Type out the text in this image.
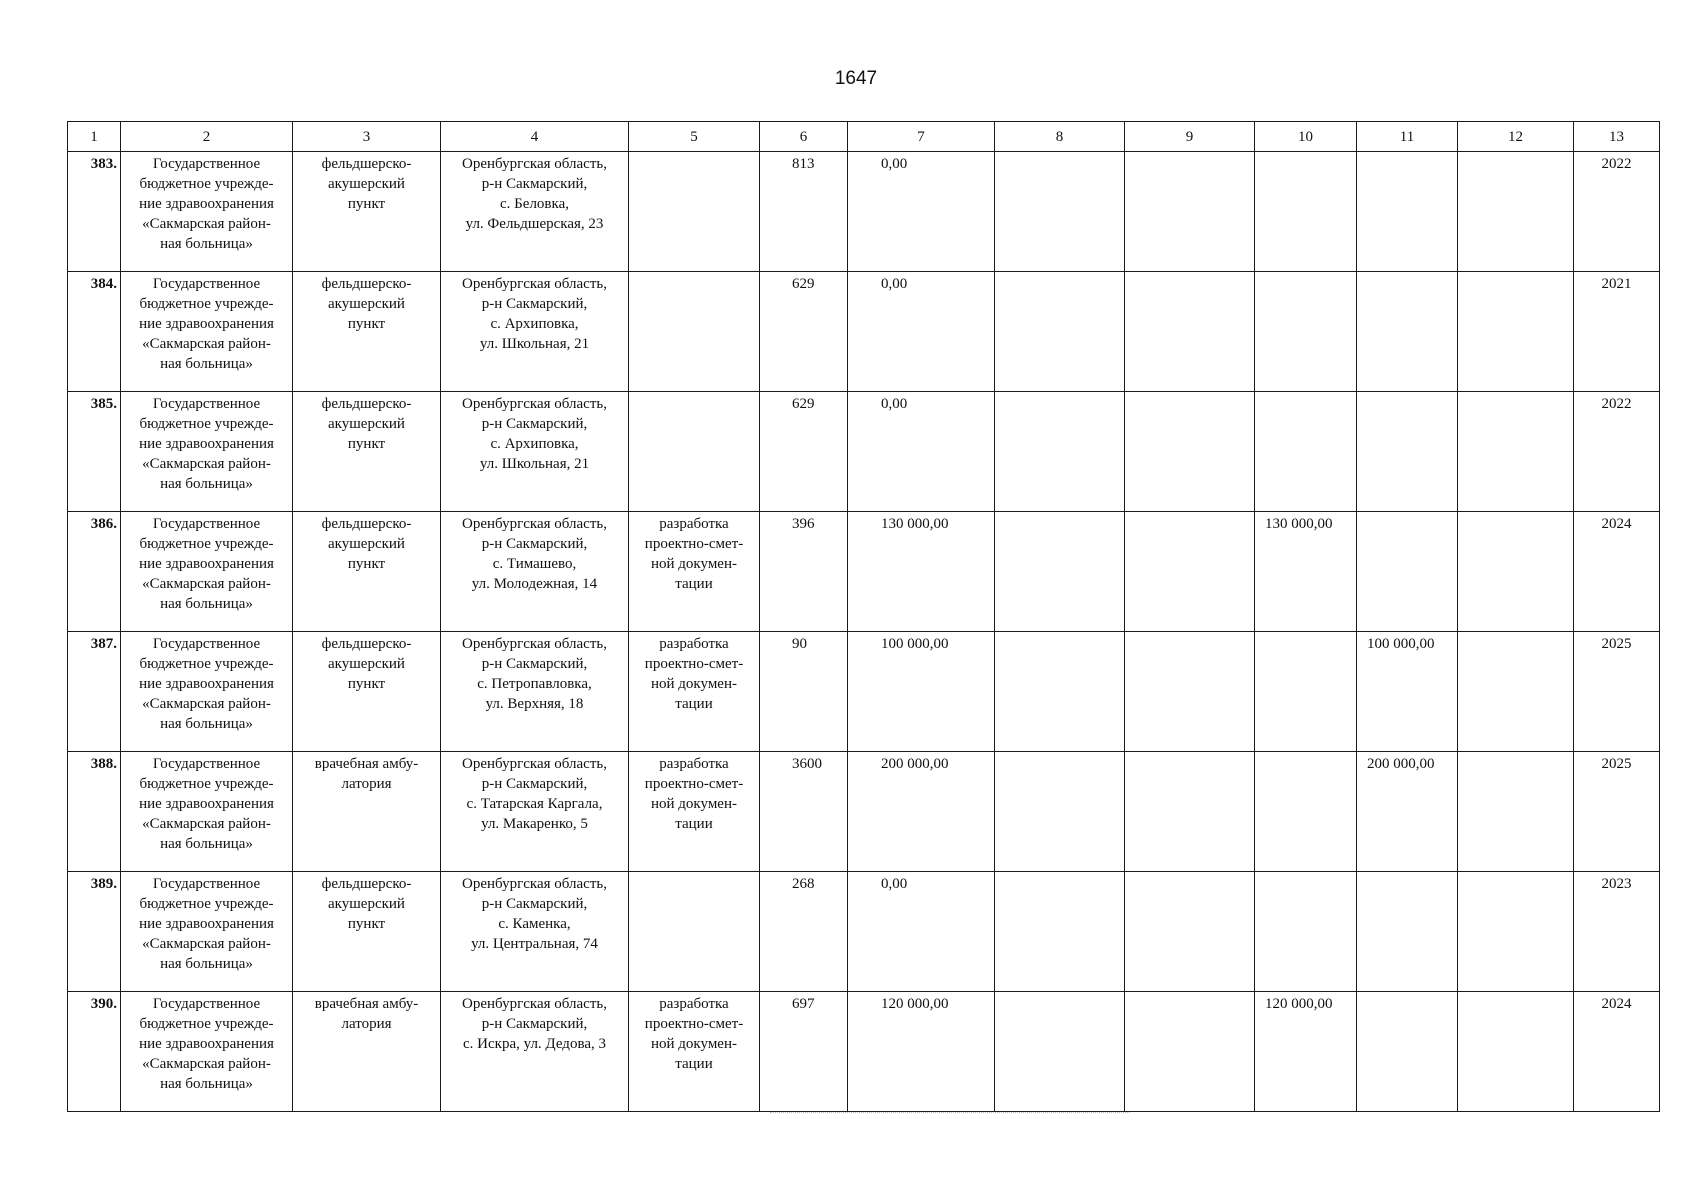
1647
1	2	3	4	5	6	7	8	9	10	11	12	13
383.	Государственное
бюджетное учрежде-
ние здравоохранения
«Сакмарская район-
ная больница»	фельдшерско-
акушерский
пункт	Оренбургская область,
р-н Сакмарский,
с. Беловка,
ул. Фельдшерская, 23		813	0,00						2022
384.	Государственное
бюджетное учрежде-
ние здравоохранения
«Сакмарская район-
ная больница»	фельдшерско-
акушерский
пункт	Оренбургская область,
р-н Сакмарский,
с. Архиповка,
ул. Школьная, 21		629	0,00						2021
385.	Государственное
бюджетное учрежде-
ние здравоохранения
«Сакмарская район-
ная больница»	фельдшерско-
акушерский
пункт	Оренбургская область,
р-н Сакмарский,
с. Архиповка,
ул. Школьная, 21		629	0,00						2022
386.	Государственное
бюджетное учрежде-
ние здравоохранения
«Сакмарская район-
ная больница»	фельдшерско-
акушерский
пункт	Оренбургская область,
р-н Сакмарский,
с. Тимашево,
ул. Молодежная, 14	разработка
проектно-смет-
ной докумен-
тации	396	130 000,00			130 000,00			2024
387.	Государственное
бюджетное учрежде-
ние здравоохранения
«Сакмарская район-
ная больница»	фельдшерско-
акушерский
пункт	Оренбургская область,
р-н Сакмарский,
с. Петропавловка,
ул. Верхняя, 18	разработка
проектно-смет-
ной докумен-
тации	90	100 000,00				100 000,00		2025
388.	Государственное
бюджетное учрежде-
ние здравоохранения
«Сакмарская район-
ная больница»	врачебная амбу-
латория	Оренбургская область,
р-н Сакмарский,
с. Татарская Каргала,
ул. Макаренко, 5	разработка
проектно-смет-
ной докумен-
тации	3600	200 000,00				200 000,00		2025
389.	Государственное
бюджетное учрежде-
ние здравоохранения
«Сакмарская район-
ная больница»	фельдшерско-
акушерский
пункт	Оренбургская область,
р-н Сакмарский,
с. Каменка,
ул. Центральная, 74		268	0,00						2023
390.	Государственное
бюджетное учрежде-
ние здравоохранения
«Сакмарская район-
ная больница»	врачебная амбу-
латория	Оренбургская область,
р-н Сакмарский,
с. Искра, ул. Дедова, 3	разработка
проектно-смет-
ной докумен-
тации	697	120 000,00			120 000,00			2024
